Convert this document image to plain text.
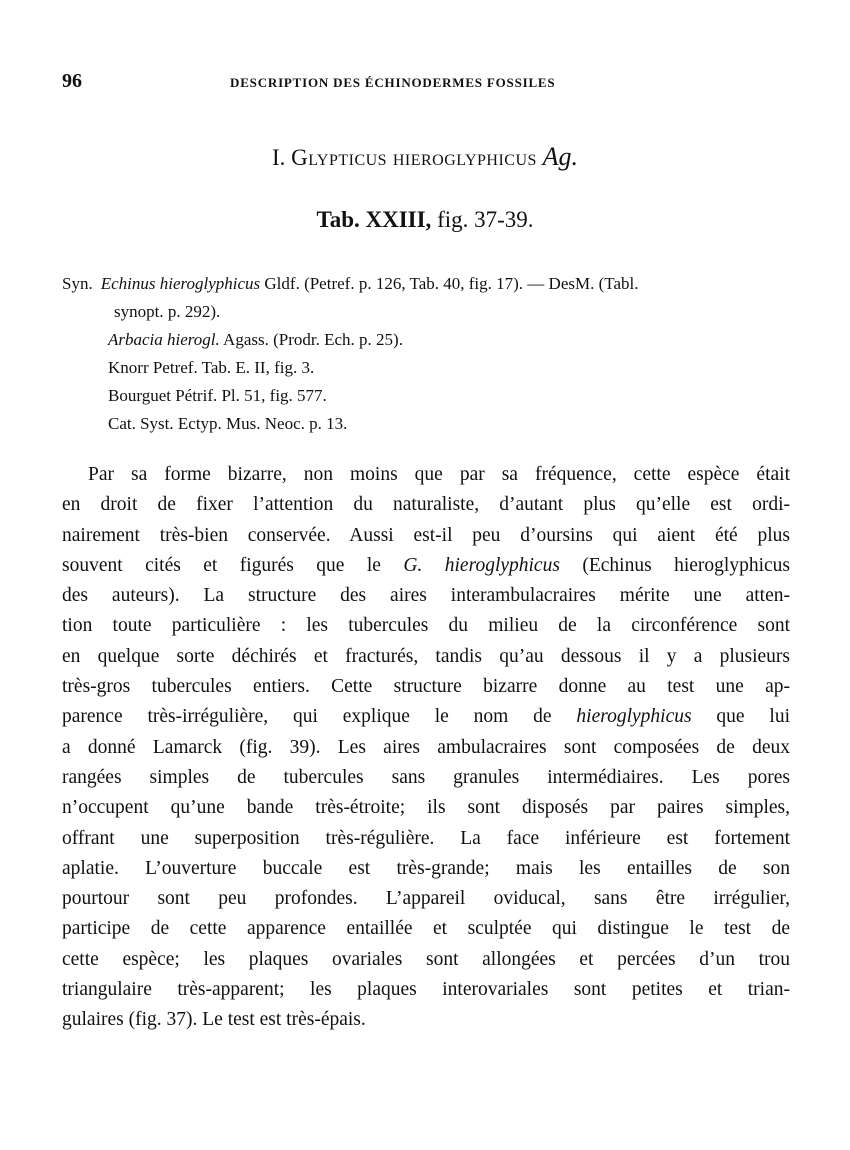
96	DESCRIPTION DES ÉCHINODERMES FOSSILES
I. Glypticus hieroglyphicus Ag.
Tab. XXIII, fig. 37-39.
Syn. Echinus hieroglyphicus Gldf. (Petref. p. 126, Tab. 40, fig. 17). — DesM. (Tabl.
synopt. p. 292).
Arbacia hierogl. Agass. (Prodr. Ech. p. 25).
Knorr Petref. Tab. E. II, fig. 3.
Bourguet Pétrif. Pl. 51, fig. 577.
Cat. Syst. Ectyp. Mus. Neoc. p. 13.
Par sa forme bizarre, non moins que par sa fréquence, cette espèce était
en droit de fixer l’attention du naturaliste, d’autant plus qu’elle est ordi-
nairement très-bien conservée. Aussi est-il peu d’oursins qui aient été plus
souvent cités et figurés que le G. hieroglyphicus (Echinus hieroglyphicus
des auteurs). La structure des aires interambulacraires mérite une atten-
tion toute particulière : les tubercules du milieu de la circonférence sont
en quelque sorte déchirés et fracturés, tandis qu’au dessous il y a plusieurs
très-gros tubercules entiers. Cette structure bizarre donne au test une ap-
parence très-irrégulière, qui explique le nom de hieroglyphicus que lui
a donné Lamarck (fig. 39). Les aires ambulacraires sont composées de deux
rangées simples de tubercules sans granules intermédiaires. Les pores
n’occupent qu’une bande très-étroite; ils sont disposés par paires simples,
offrant une superposition très-régulière. La face inférieure est fortement
aplatie. L’ouverture buccale est très-grande; mais les entailles de son
pourtour sont peu profondes. L’appareil oviducal, sans être irrégulier,
participe de cette apparence entaillée et sculptée qui distingue le test de
cette espèce; les plaques ovariales sont allongées et percées d’un trou
triangulaire très-apparent; les plaques interovariales sont petites et trian-
gulaires (fig. 37). Le test est très-épais.
